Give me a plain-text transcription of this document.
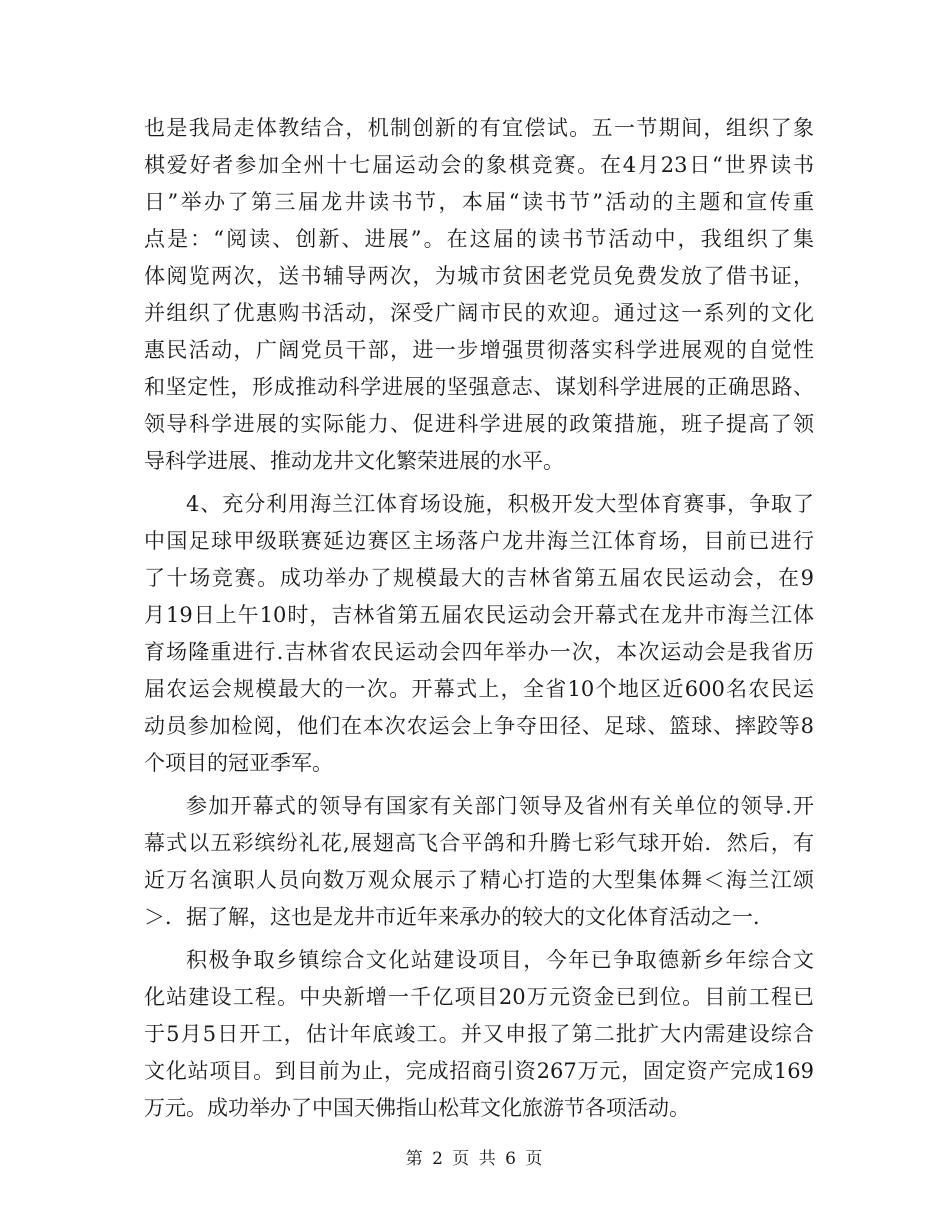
也是我局走体教结合，机制创新的有宜偿试。五一节期间，组织了象
棋爱好者参加全州十七届运动会的象棋竞赛。在4月23日“世界读书
日”举办了第三届龙井读书节，本届“读书节”活动的主题和宣传重
点是：“阅读、创新、进展”。在这届的读书节活动中，我组织了集
体阅览两次，送书辅导两次，为城市贫困老党员免费发放了借书证，
并组织了优惠购书活动，深受广阔市民的欢迎。通过这一系列的文化
惠民活动，广阔党员干部，进一步增强贯彻落实科学进展观的自觉性
和坚定性，形成推动科学进展的坚强意志、谋划科学进展的正确思路、
领导科学进展的实际能力、促进科学进展的政策措施，班子提高了领
导科学进展、推动龙井文化繁荣进展的水平。
4、充分利用海兰江体育场设施，积极开发大型体育赛事，争取了
中国足球甲级联赛延边赛区主场落户龙井海兰江体育场，目前已进行
了十场竞赛。成功举办了规模最大的吉林省第五届农民运动会，在9
月19日上午10时，吉林省第五届农民运动会开幕式在龙井市海兰江体
育场隆重进行.吉林省农民运动会四年举办一次，本次运动会是我省历
届农运会规模最大的一次。开幕式上，全省10个地区近600名农民运
动员参加检阅，他们在本次农运会上争夺田径、足球、篮球、摔跤等8
个项目的冠亚季军。
参加开幕式的领导有国家有关部门领导及省州有关单位的领导.开
幕式以五彩缤纷礼花,展翅高飞合平鸽和升腾七彩气球开始．然后，有
近万名演职人员向数万观众展示了精心打造的大型集体舞＜海兰江颂
＞．据了解，这也是龙井市近年来承办的较大的文化体育活动之一．
积极争取乡镇综合文化站建设项目，今年已争取德新乡年综合文
化站建设工程。中央新增一千亿项目20万元资金已到位。目前工程已
于5月5日开工，估计年底竣工。并又申报了第二批扩大内需建设综合
文化站项目。到目前为止，完成招商引资267万元，固定资产完成169
万元。成功举办了中国天佛指山松茸文化旅游节各项活动。
第 2 页 共 6 页
